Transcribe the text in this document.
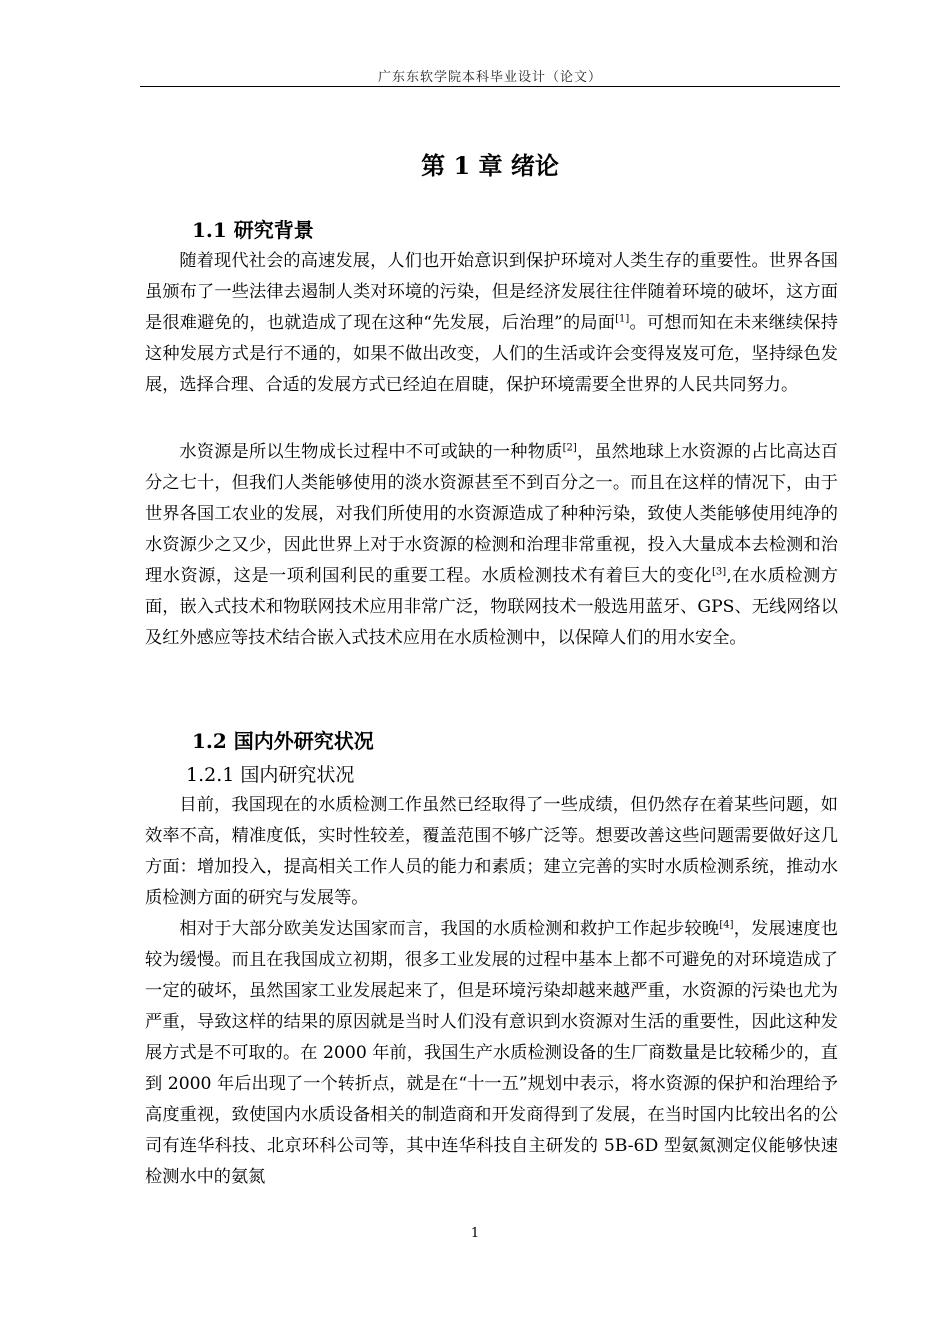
广东东软学院本科毕业设计（论文）
第 1 章 绪论
1.1 研究背景

随着现代社会的高速发展，人们也开始意识到保护环境对人类生存的重要性。世界各国虽颁布了一些法律去遏制人类对环境的污染，但是经济发展往往伴随着环境的破坏，这方面是很难避免的，也就造成了现在这种“先发展，后治理”的局面[1]。可想而知在未来继续保持这种发展方式是行不通的，如果不做出改变，人们的生活或许会变得岌岌可危，坚持绿色发展，选择合理、合适的发展方式已经迫在眉睫，保护环境需要全世界的人民共同努力。

水资源是所以生物成长过程中不可或缺的一种物质[2]，虽然地球上水资源的占比高达百分之七十，但我们人类能够使用的淡水资源甚至不到百分之一。而且在这样的情况下，由于世界各国工农业的发展，对我们所使用的水资源造成了种种污染，致使人类能够使用纯净的水资源少之又少，因此世界上对于水资源的检测和治理非常重视，投入大量成本去检测和治理水资源，这是一项利国利民的重要工程。水质检测技术有着巨大的变化[3],在水质检测方面，嵌入式技术和物联网技术应用非常广泛，物联网技术一般选用蓝牙、GPS、无线网络以及红外感应等技术结合嵌入式技术应用在水质检测中，以保障人们的用水安全。

1.2 国内外研究状况
1.2.1 国内研究状况

目前，我国现在的水质检测工作虽然已经取得了一些成绩，但仍然存在着某些问题，如效率不高，精准度低，实时性较差，覆盖范围不够广泛等。想要改善这些问题需要做好这几方面：增加投入，提高相关工作人员的能力和素质；建立完善的实时水质检测系统，推动水质检测方面的研究与发展等。

相对于大部分欧美发达国家而言，我国的水质检测和救护工作起步较晚[4]，发展速度也较为缓慢。而且在我国成立初期，很多工业发展的过程中基本上都不可避免的对环境造成了一定的破坏，虽然国家工业发展起来了，但是环境污染却越来越严重，水资源的污染也尤为严重，导致这样的结果的原因就是当时人们没有意识到水资源对生活的重要性，因此这种发展方式是不可取的。在 2000 年前，我国生产水质检测设备的生厂商数量是比较稀少的，直到 2000 年后出现了一个转折点，就是在“十一五”规划中表示，将水资源的保护和治理给予高度重视，致使国内水质设备相关的制造商和开发商得到了发展，在当时国内比较出名的公司有连华科技、北京环科公司等，其中连华科技自主研发的 5B-6D 型氨氮测定仪能够快速检测水中的氨氮

1
